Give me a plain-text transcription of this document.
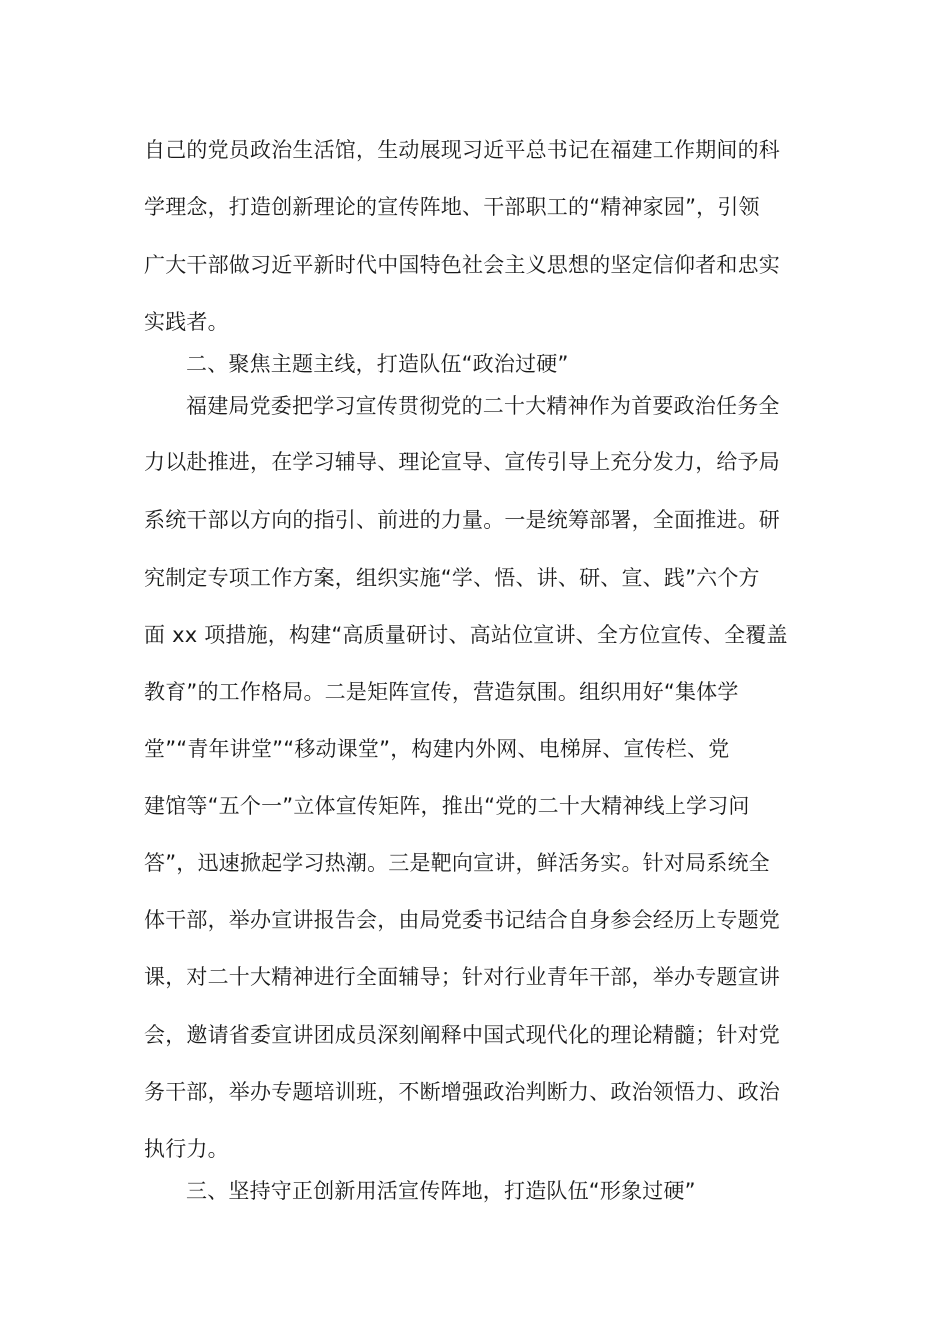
自己的党员政治生活馆，生动展现习近平总书记在福建工作期间的科
学理念，打造创新理论的宣传阵地、干部职工的“精神家园”，引领
广大干部做习近平新时代中国特色社会主义思想的坚定信仰者和忠实
实践者。
二、聚焦主题主线，打造队伍“政治过硬”
福建局党委把学习宣传贯彻党的二十大精神作为首要政治任务全
力以赴推进，在学习辅导、理论宣导、宣传引导上充分发力，给予局
系统干部以方向的指引、前进的力量。一是统筹部署，全面推进。研
究制定专项工作方案，组织实施“学、悟、讲、研、宣、践”六个方
面 xx 项措施，构建“高质量研讨、高站位宣讲、全方位宣传、全覆盖
教育”的工作格局。二是矩阵宣传，营造氛围。组织用好“集体学
堂”“青年讲堂”“移动课堂”，构建内外网、电梯屏、宣传栏、党
建馆等“五个一”立体宣传矩阵，推出“党的二十大精神线上学习问
答”，迅速掀起学习热潮。三是靶向宣讲，鲜活务实。针对局系统全
体干部，举办宣讲报告会，由局党委书记结合自身参会经历上专题党
课，对二十大精神进行全面辅导；针对行业青年干部，举办专题宣讲
会，邀请省委宣讲团成员深刻阐释中国式现代化的理论精髓；针对党
务干部，举办专题培训班，不断增强政治判断力、政治领悟力、政治
执行力。
三、坚持守正创新用活宣传阵地，打造队伍“形象过硬”
